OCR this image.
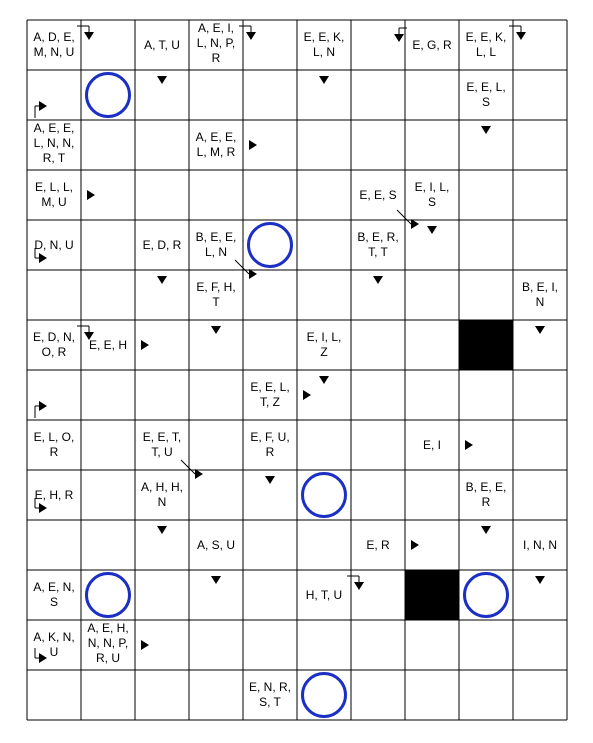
A, D, E,
M, N, U
A, T, U
A, E, I,
L, N, P,
R
E, E, K,
L, N
E, G, R
E, E, K,
L, L
E, E, L,
S
A, E, E,
L, N, N,
R, T
A, E, E,
L, M, R
E, L, L,
M, U
E, E, S
E, I, L,
S
D, N, U	E, D, R
B, E, E,
L, N
B, E, R,
T, T
E, F, H,
T
B, E, I,
N
E, D, N,
O, R
E, E, H
E, I, L,
Z
E, E, L,
T, Z
E, L, O,
R
E, E, T,
T, U
E, F, U,
R
E, I
E, H, R
A, H, H,
N
B, E, E,
R
A, S, U	E, R	I, N, N
A, E, N,
S
H, T, U
A, K, N,
U
A, E, H,
N, N, P,
R, U
E, N, R,
S, T
